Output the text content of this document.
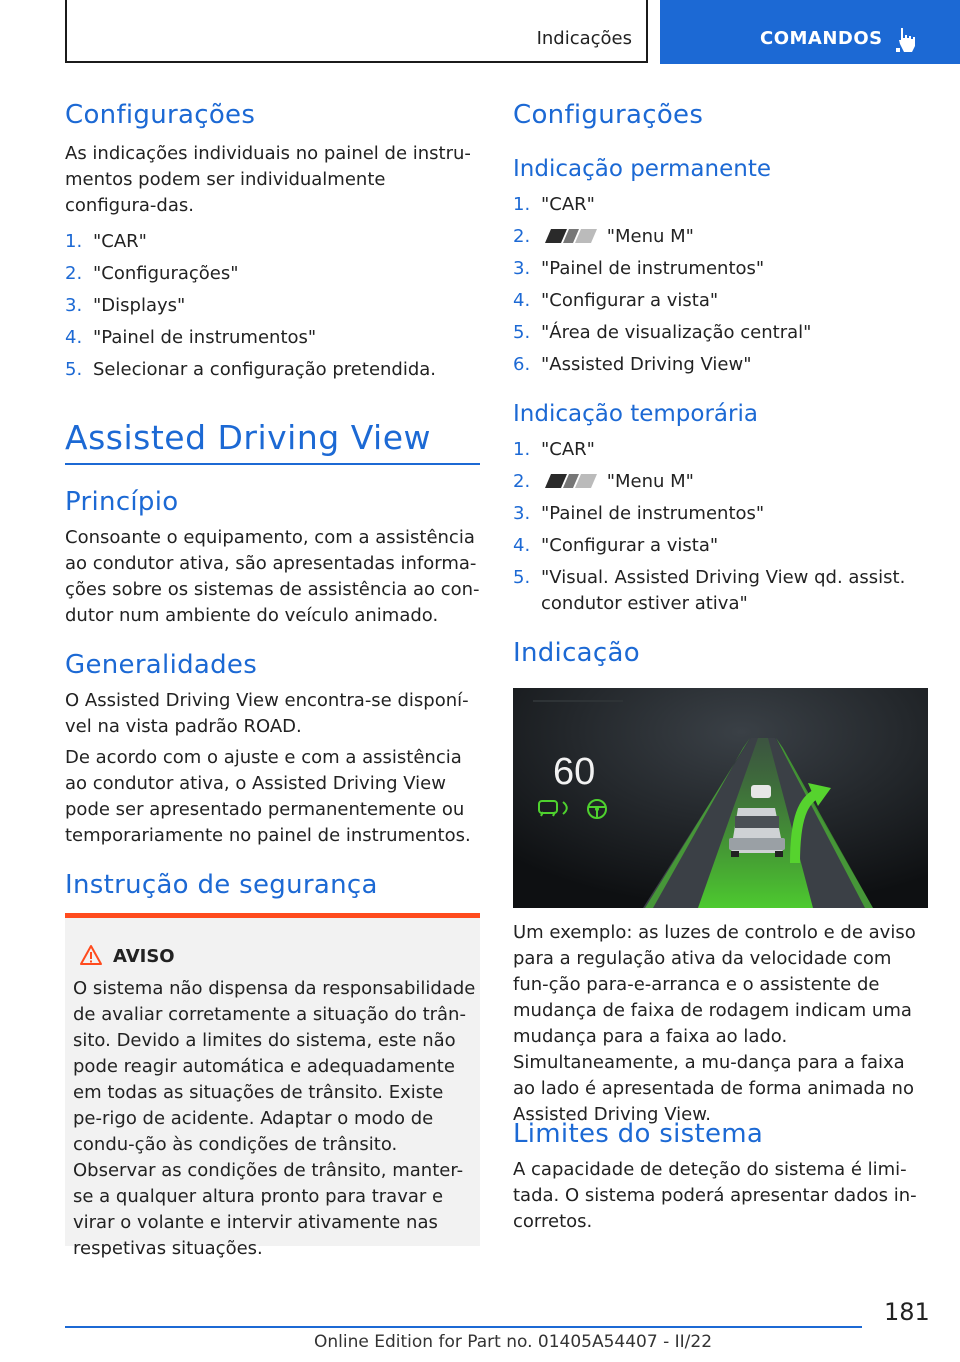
Indicações	COMANDOS
Configurações
As indicações individuais no painel de instru-mentos podem ser individualmente configura-das.
1. "CAR"
2. "Configurações"
3. "Displays"
4. "Painel de instrumentos"
5. Selecionar a configuração pretendida.
Assisted Driving View
Princípio
Consoante o equipamento, com a assistência ao condutor ativa, são apresentadas informa-ções sobre os sistemas de assistência ao con-dutor num ambiente do veículo animado.
Generalidades
O Assisted Driving View encontra-se disponí-vel na vista padrão ROAD.
De acordo com o ajuste e com a assistência ao condutor ativa, o Assisted Driving View pode ser apresentado permanentemente ou temporariamente no painel de instrumentos.
Instrução de segurança
AVISO
O sistema não dispensa da responsabilidade de avaliar corretamente a situação do trân-sito. Devido a limites do sistema, este não pode reagir automática e adequadamente em todas as situações de trânsito. Existe pe-rigo de acidente. Adaptar o modo de condu-ção às condições de trânsito. Observar as condições de trânsito, manter-se a qualquer altura pronto para travar e virar o volante e intervir ativamente nas respetivas situações.
Configurações
Indicação permanente
1. "CAR"
2.	"Menu M"
3. "Painel de instrumentos"
4. "Configurar a vista"
5. "Área de visualização central"
6. "Assisted Driving View"
Indicação temporária
1. "CAR"
2.	"Menu M"
3. "Painel de instrumentos"
4. "Configurar a vista"
5. "Visual. Assisted Driving View qd. assist.
condutor estiver ativa"
Indicação
Um exemplo: as luzes de controlo e de aviso para a regulação ativa da velocidade com fun-ção para-e-arranca e o assistente de mudança de faixa de rodagem indicam uma mudança para a faixa ao lado. Simultaneamente, a mu-dança para a faixa ao lado é apresentada de forma animada no Assisted Driving View.
Limites do sistema
A capacidade de deteção do sistema é limi-tada. O sistema poderá apresentar dados in-corretos.
60
181
Online Edition for Part no. 01405A54407 - II/22
